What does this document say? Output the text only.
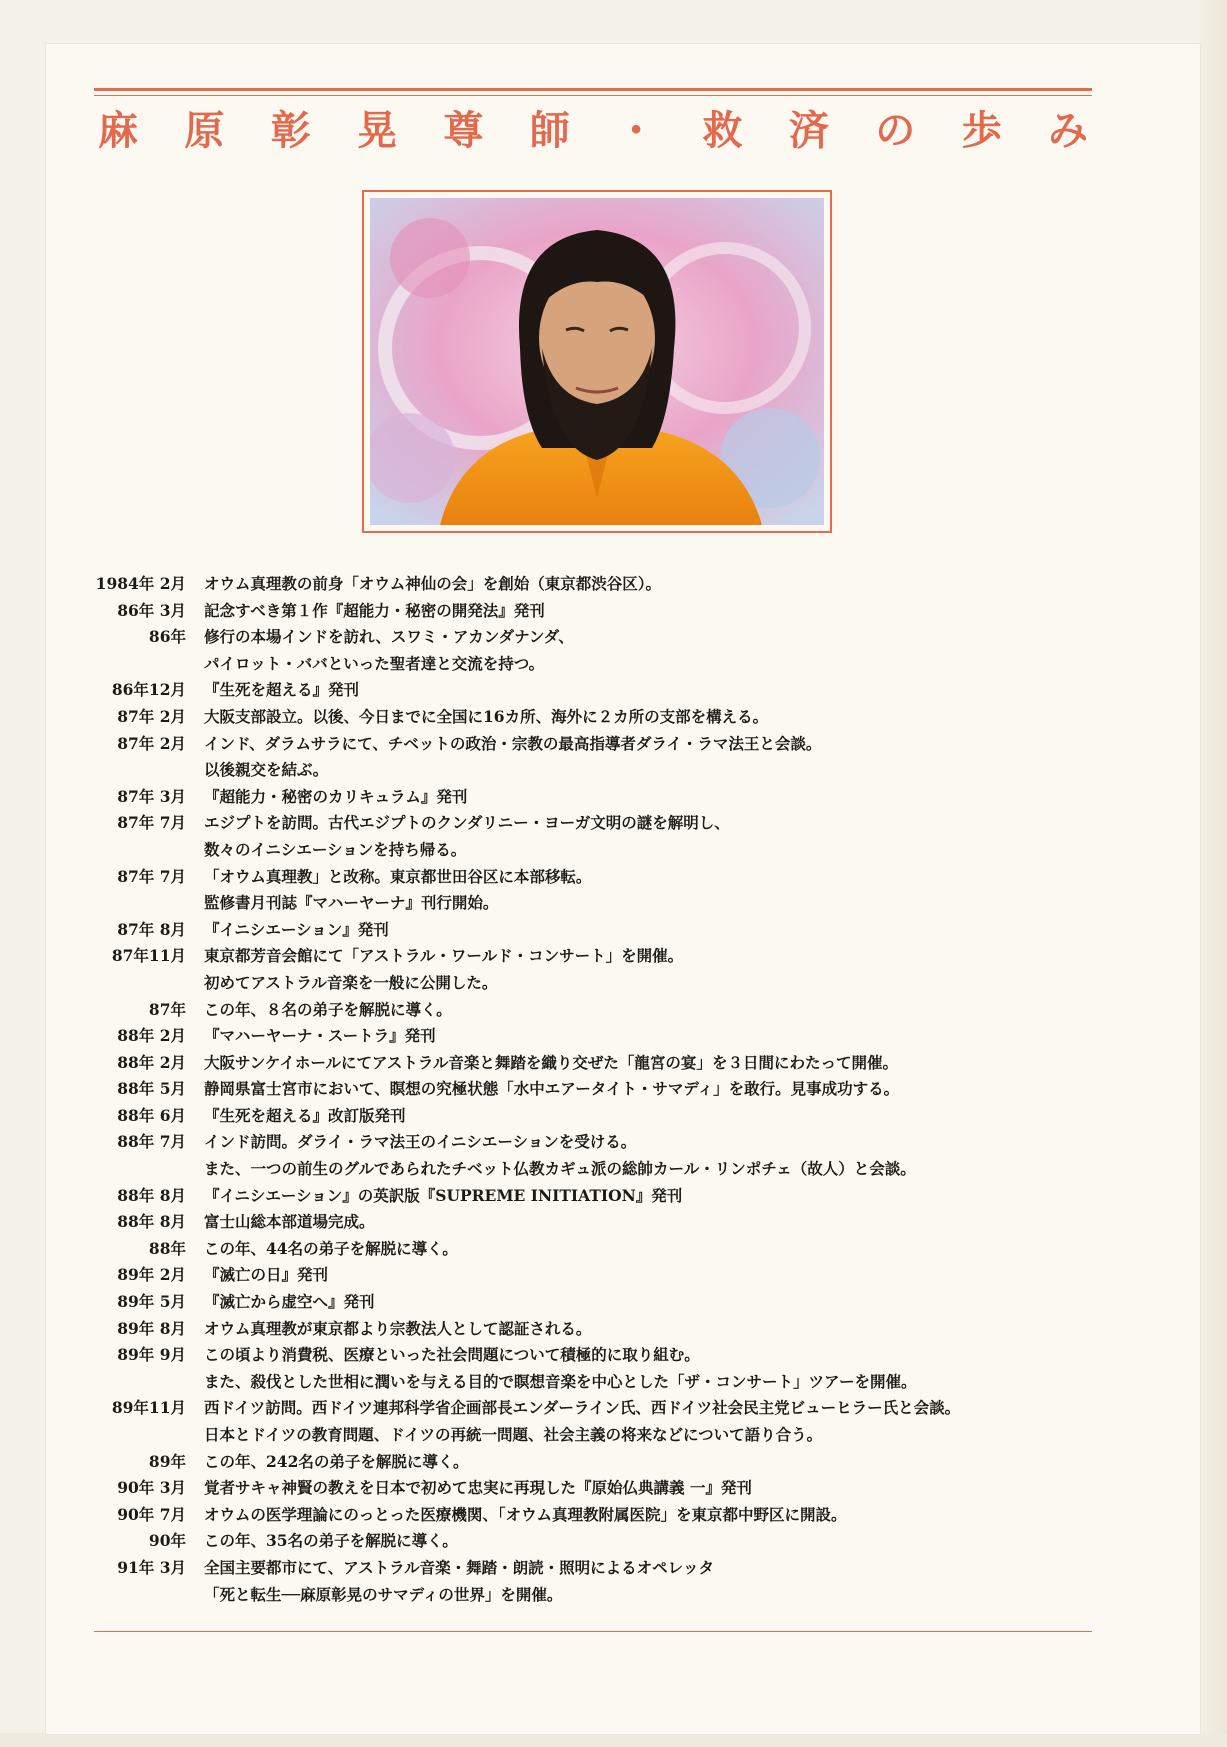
麻 原 彰 晃 尊 師 ・ 救 済 の 歩 み
1984年 2月	オウム真理教の前身「オウム神仙の会」を創始（東京都渋谷区）。
86年 3月	記念すべき第１作『超能力・秘密の開発法』発刊
86年	修行の本場インドを訪れ、スワミ・アカンダナンダ、
パイロット・ババといった聖者達と交流を持つ。
86年12月	『生死を超える』発刊
87年 2月	大阪支部設立。以後、今日までに全国に16カ所、海外に２カ所の支部を構える。
87年 2月	インド、ダラムサラにて、チベットの政治・宗教の最高指導者ダライ・ラマ法王と会談。
以後親交を結ぶ。
87年 3月	『超能力・秘密のカリキュラム』発刊
87年 7月	エジプトを訪問。古代エジプトのクンダリニー・ヨーガ文明の謎を解明し、
数々のイニシエーションを持ち帰る。
87年 7月	「オウム真理教」と改称。東京都世田谷区に本部移転。
監修書月刊誌『マハーヤーナ』刊行開始。
87年 8月	『イニシエーション』発刊
87年11月	東京都芳音会館にて「アストラル・ワールド・コンサート」を開催。
初めてアストラル音楽を一般に公開した。
87年	この年、８名の弟子を解脱に導く。
88年 2月	『マハーヤーナ・スートラ』発刊
88年 2月	大阪サンケイホールにてアストラル音楽と舞踏を織り交ぜた「龍宮の宴」を３日間にわたって開催。
88年 5月	静岡県富士宮市において、瞑想の究極状態「水中エアータイト・サマディ」を敢行。見事成功する。
88年 6月	『生死を超える』改訂版発刊
88年 7月	インド訪問。ダライ・ラマ法王のイニシエーションを受ける。
また、一つの前生のグルであられたチベット仏教カギュ派の総帥カール・リンポチェ（故人）と会談。
88年 8月	『イニシエーション』の英訳版『SUPREME INITIATION』発刊
88年 8月	富士山総本部道場完成。
88年	この年、44名の弟子を解脱に導く。
89年 2月	『滅亡の日』発刊
89年 5月	『滅亡から虚空へ』発刊
89年 8月	オウム真理教が東京都より宗教法人として認証される。
89年 9月	この頃より消費税、医療といった社会問題について積極的に取り組む。
また、殺伐とした世相に潤いを与える目的で瞑想音楽を中心とした「ザ・コンサート」ツアーを開催。
89年11月	西ドイツ訪問。西ドイツ連邦科学省企画部長エンダーライン氏、西ドイツ社会民主党ビューヒラー氏と会談。
日本とドイツの教育問題、ドイツの再統一問題、社会主義の将来などについて語り合う。
89年	この年、242名の弟子を解脱に導く。
90年 3月	覚者サキャ神賢の教えを日本で初めて忠実に再現した『原始仏典講義 一』発刊
90年 7月	オウムの医学理論にのっとった医療機関、「オウム真理教附属医院」を東京都中野区に開設。
90年	この年、35名の弟子を解脱に導く。
91年 3月	全国主要都市にて、アストラル音楽・舞踏・朗読・照明によるオペレッタ
「死と転生──麻原彰晃のサマディの世界」を開催。
